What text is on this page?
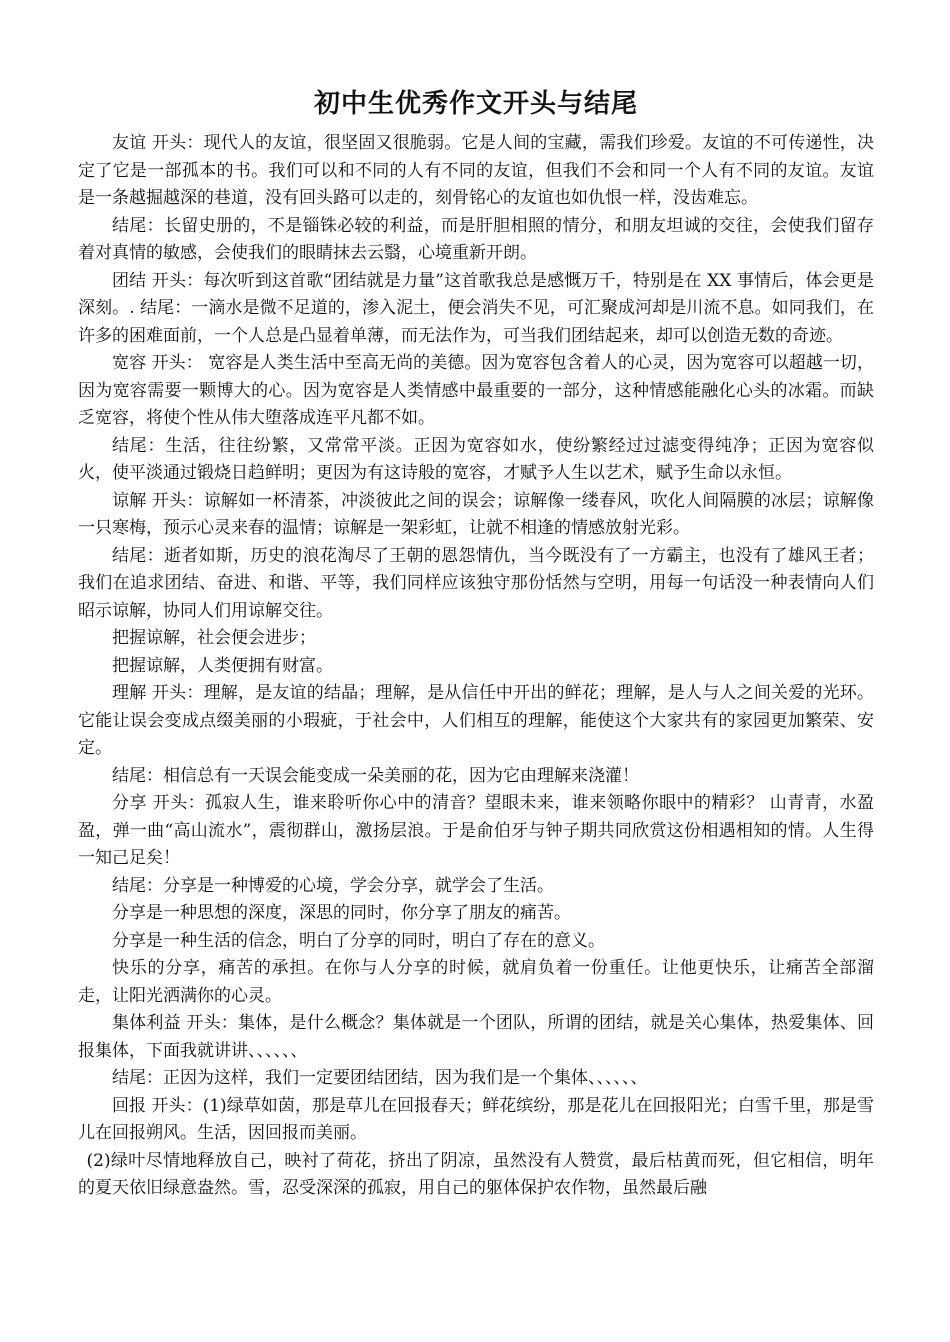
初中生优秀作文开头与结尾

友谊 开头：现代人的友谊，很坚固又很脆弱。它是人间的宝藏，需我们珍爱。友谊的不可传递性，决定了它是一部孤本的书。我们可以和不同的人有不同的友谊，但我们不会和同一个人有不同的友谊。友谊是一条越掘越深的巷道，没有回头路可以走的，刻骨铭心的友谊也如仇恨一样，没齿难忘。

结尾：长留史册的，不是锱铢必较的利益，而是肝胆相照的情分，和朋友坦诚的交往，会使我们留存着对真情的敏感，会使我们的眼睛抹去云翳，心境重新开朗。

团结 开头：每次听到这首歌“团结就是力量”这首歌我总是感慨万千，特别是在 XX 事情后，体会更是深刻。. 结尾：一滴水是微不足道的，渗入泥土，便会消失不见，可汇聚成河却是川流不息。如同我们，在许多的困难面前，一个人总是凸显着单薄，而无法作为，可当我们团结起来，却可以创造无数的奇迹。

宽容 开头： 宽容是人类生活中至高无尚的美德。因为宽容包含着人的心灵，因为宽容可以超越一切，因为宽容需要一颗博大的心。因为宽容是人类情感中最重要的一部分，这种情感能融化心头的冰霜。而缺乏宽容，将使个性从伟大堕落成连平凡都不如。

结尾：生活，往往纷繁，又常常平淡。正因为宽容如水，使纷繁经过过滤变得纯净；正因为宽容似火，使平淡通过锻烧日趋鲜明；更因为有这诗般的宽容，才赋予人生以艺术，赋予生命以永恒。

谅解 开头：谅解如一杯清茶，冲淡彼此之间的误会；谅解像一缕春风，吹化人间隔膜的冰层；谅解像一只寒梅，预示心灵来春的温情；谅解是一架彩虹，让就不相逢的情感放射光彩。

结尾：逝者如斯，历史的浪花淘尽了王朝的恩怨情仇，当今既没有了一方霸主，也没有了雄风王者；我们在追求团结、奋进、和谐、平等，我们同样应该独守那份恬然与空明，用每一句话没一种表情向人们昭示谅解，协同人们用谅解交往。

把握谅解，社会便会进步；

把握谅解，人类便拥有财富。

理解 开头：理解，是友谊的结晶；理解，是从信任中开出的鲜花；理解，是人与人之间关爱的光环。它能让误会变成点缀美丽的小瑕疵，于社会中，人们相互的理解，能使这个大家共有的家园更加繁荣、安定。

结尾：相信总有一天误会能变成一朵美丽的花，因为它由理解来浇灌！

分享 开头：孤寂人生，谁来聆听你心中的清音？望眼未来，谁来领略你眼中的精彩？ 山青青，水盈盈，弹一曲“高山流水”，震彻群山，激扬层浪。于是俞伯牙与钟子期共同欣赏这份相遇相知的情。人生得一知己足矣！

结尾：分享是一种博爱的心境，学会分享，就学会了生活。

分享是一种思想的深度，深思的同时，你分享了朋友的痛苦。

分享是一种生活的信念，明白了分享的同时，明白了存在的意义。

快乐的分享，痛苦的承担。在你与人分享的时候，就肩负着一份重任。让他更快乐，让痛苦全部溜走，让阳光洒满你的心灵。

集体利益 开头：集体，是什么概念？集体就是一个团队，所谓的团结，就是关心集体，热爱集体、回报集体，下面我就讲讲、、、、、、

结尾：正因为这样，我们一定要团结团结，因为我们是一个集体、、、、、、

回报 开头：(1)绿草如茵，那是草儿在回报春天；鲜花缤纷，那是花儿在回报阳光；白雪千里，那是雪儿在回报朔风。生活，因回报而美丽。

(2)绿叶尽情地释放自己，映衬了荷花，挤出了阴凉，虽然没有人赞赏，最后枯黄而死，但它相信，明年的夏天依旧绿意盎然。雪，忍受深深的孤寂，用自己的躯体保护农作物，虽然最后融
